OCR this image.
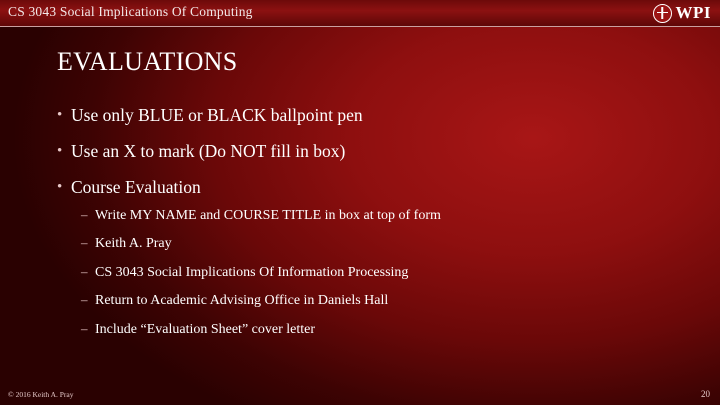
CS 3043 Social Implications Of Computing	WPI
EVALUATIONS
• Use only BLUE or BLACK ballpoint pen
• Use an X to mark (Do NOT fill in box)
• Course Evaluation
– Write MY NAME and COURSE TITLE in box at top of form
– Keith A. Pray
– CS 3043 Social Implications Of Information Processing
– Return to Academic Advising Office in Daniels Hall
– Include “Evaluation Sheet” cover letter
© 2016 Keith A. Pray	20
